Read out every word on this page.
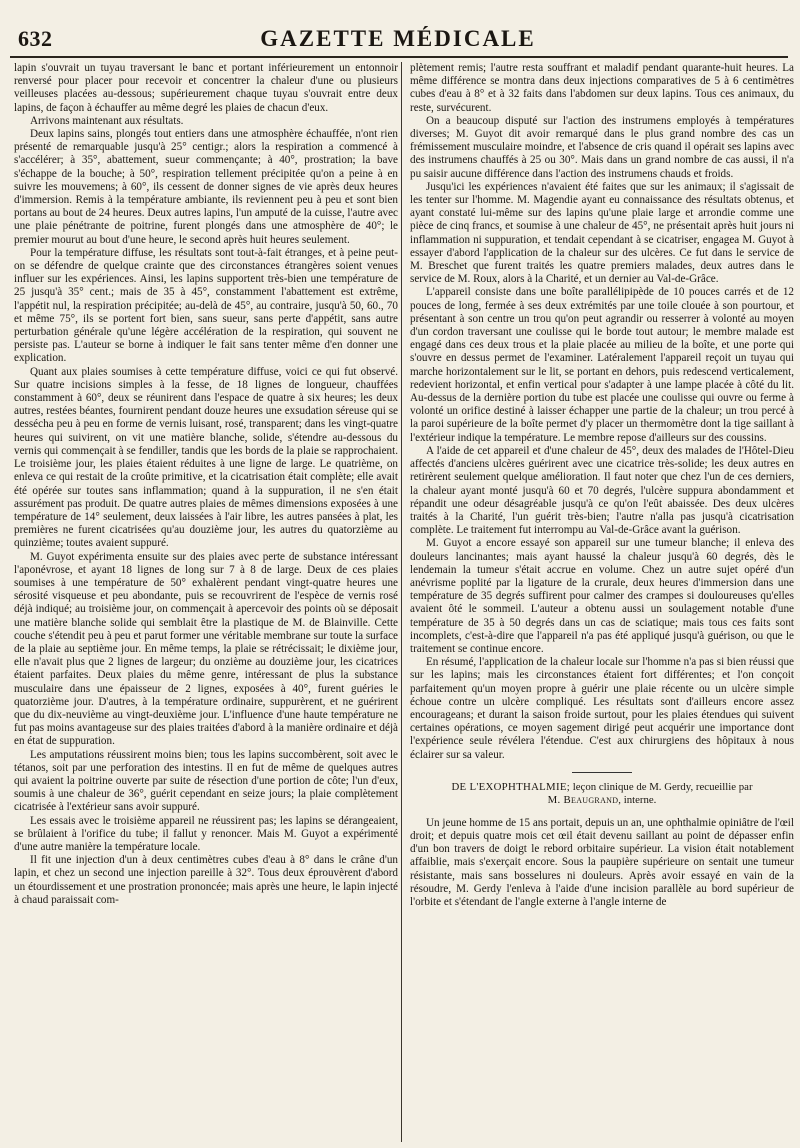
632	GAZETTE MÉDICALE

lapin s'ouvrait un tuyau traversant le banc et portant inférieurement un entonnoir renversé pour placer pour recevoir et concentrer la chaleur d'une ou plusieurs veilleuses placées au-dessous; supérieurement chaque tuyau s'ouvrait entre deux lapins, de façon à échauffer au même degré les plaies de chacun d'eux.

Arrivons maintenant aux résultats.

Deux lapins sains, plongés tout entiers dans une atmosphère échauffée, n'ont rien présenté de remarquable jusqu'à 25° centigr.; alors la respiration a commencé à s'accélérer; à 35°, abattement, sueur commençante; à 40°, prostration; la bave s'échappe de la bouche; à 50°, respiration tellement précipitée qu'on a peine à en suivre les mouvemens; à 60°, ils cessent de donner signes de vie après deux heures d'immersion. Remis à la température ambiante, ils reviennent peu à peu et sont bien portans au bout de 24 heures. Deux autres lapins, l'un amputé de la cuisse, l'autre avec une plaie pénétrante de poitrine, furent plongés dans une atmosphère de 40°; le premier mourut au bout d'une heure, le second après huit heures seulement.

Pour la température diffuse, les résultats sont tout-à-fait étranges, et à peine peut-on se défendre de quelque crainte que des circonstances étrangères soient venues influer sur les expériences. Ainsi, les lapins supportent très-bien une température de 25 jusqu'à 35° cent.; mais de 35 à 45°, constamment l'abattement est extrême, l'appétit nul, la respiration précipitée; au-delà de 45°, au contraire, jusqu'à 50, 60., 70 et même 75°, ils se portent fort bien, sans sueur, sans perte d'appétit, sans autre perturbation générale qu'une légère accélération de la respiration, qui souvent ne persiste pas. L'auteur se borne à indiquer le fait sans tenter même d'en donner une explication.

Quant aux plaies soumises à cette température diffuse, voici ce qui fut observé. Sur quatre incisions simples à la fesse, de 18 lignes de longueur, chauffées constamment à 60°, deux se réunirent dans l'espace de quatre à six heures; les deux autres, restées béantes, fournirent pendant douze heures une exsudation séreuse qui se dessécha peu à peu en forme de vernis luisant, rosé, transparent; dans les vingt-quatre heures qui suivirent, on vit une matière blanche, solide, s'étendre au-dessous du vernis qui commençait à se fendiller, tandis que les bords de la plaie se rapprochaient. Le troisième jour, les plaies étaient réduites à une ligne de large. Le quatrième, on enleva ce qui restait de la croûte primitive, et la cicatrisation était complète; elle avait été opérée sur toutes sans inflammation; quand à la suppuration, il ne s'en était assurément pas produit. De quatre autres plaies de mêmes dimensions exposées à une température de 14° seulement, deux laissées à l'air libre, les autres pansées à plat, les premières ne furent cicatrisées qu'au douzième jour, les autres du quatorzième au quinzième; toutes avaient suppuré.

M. Guyot expérimenta ensuite sur des plaies avec perte de substance intéressant l'aponévrose, et ayant 18 lignes de long sur 7 à 8 de large. Deux de ces plaies soumises à une température de 50° exhalèrent pendant vingt-quatre heures une sérosité visqueuse et peu abondante, puis se recouvrirent de l'espèce de vernis rosé déjà indiqué; au troisième jour, on commençait à apercevoir des points où se déposait une matière blanche solide qui semblait être la plastique de M. de Blainville. Cette couche s'étendit peu à peu et parut former une véritable membrane sur toute la surface de la plaie au septième jour. En même temps, la plaie se rétrécissait; le dixième jour, elle n'avait plus que 2 lignes de largeur; du onzième au douzième jour, les cicatrices étaient parfaites. Deux plaies du même genre, intéressant de plus la substance musculaire dans une épaisseur de 2 lignes, exposées à 40°, furent guéries le quatorzième jour. D'autres, à la température ordinaire, suppurèrent, et ne guérirent que du dix-neuvième au vingt-deuxième jour. L'influence d'une haute température ne fut pas moins avantageuse sur des plaies traitées d'abord à la manière ordinaire et déjà en état de suppuration.

Les amputations réussirent moins bien; tous les lapins succombèrent, soit avec le tétanos, soit par une perforation des intestins. Il en fut de même de quelques autres qui avaient la poitrine ouverte par suite de résection d'une portion de côte; l'un d'eux, soumis à une chaleur de 36°, guérit cependant en seize jours; la plaie complètement cicatrisée à l'extérieur sans avoir suppuré.

Les essais avec le troisième appareil ne réussirent pas; les lapins se dérangeaient, se brûlaient à l'orifice du tube; il fallut y renoncer. Mais M. Guyot a expérimenté d'une autre manière la température locale.

Il fit une injection d'un à deux centimètres cubes d'eau à 8° dans le crâne d'un lapin, et chez un second une injection pareille à 32°. Tous deux éprouvèrent d'abord un étourdissement et une prostration prononcée; mais après une heure, le lapin injecté à chaud paraissait com-

plètement remis; l'autre resta souffrant et maladif pendant quarante-huit heures. La même différence se montra dans deux injections comparatives de 5 à 6 centimètres cubes d'eau à 8° et à 32 faits dans l'abdomen sur deux lapins. Tous ces animaux, du reste, survécurent.

On a beaucoup disputé sur l'action des instrumens employés à températures diverses; M. Guyot dit avoir remarqué dans le plus grand nombre des cas un frémissement musculaire moindre, et l'absence de cris quand il opérait ses lapins avec des instrumens chauffés à 25 ou 30°. Mais dans un grand nombre de cas aussi, il n'a pu saisir aucune différence dans l'action des instrumens chauds et froids.

Jusqu'ici les expériences n'avaient été faites que sur les animaux; il s'agissait de les tenter sur l'homme. M. Magendie ayant eu connaissance des résultats obtenus, et ayant constaté lui-même sur des lapins qu'une plaie large et arrondie comme une pièce de cinq francs, et soumise à une chaleur de 45°, ne présentait après huit jours ni inflammation ni suppuration, et tendait cependant à se cicatriser, engagea M. Guyot à essayer d'abord l'application de la chaleur sur des ulcères. Ce fut dans le service de M. Breschet que furent traités les quatre premiers malades, deux autres dans le service de M. Roux, alors à la Charité, et un dernier au Val-de-Grâce.

L'appareil consiste dans une boîte parallélipipède de 10 pouces carrés et de 12 pouces de long, fermée à ses deux extrémités par une toile clouée à son pourtour, et présentant à son centre un trou qu'on peut agrandir ou resserrer à volonté au moyen d'un cordon traversant une coulisse qui le borde tout autour; le membre malade est engagé dans ces deux trous et la plaie placée au milieu de la boîte, et une porte qui s'ouvre en dessus permet de l'examiner. Latéralement l'appareil reçoit un tuyau qui marche horizontalement sur le lit, se portant en dehors, puis redescend verticalement, redevient horizontal, et enfin vertical pour s'adapter à une lampe placée à côté du lit. Au-dessus de la dernière portion du tube est placée une coulisse qui ouvre ou ferme à volonté un orifice destiné à laisser échapper une partie de la chaleur; un trou percé à la paroi supérieure de la boîte permet d'y placer un thermomètre dont la tige saillant à l'extérieur indique la température. Le membre repose d'ailleurs sur des coussins.

A l'aide de cet appareil et d'une chaleur de 45°, deux des malades de l'Hôtel-Dieu affectés d'anciens ulcères guérirent avec une cicatrice très-solide; les deux autres en retirèrent seulement quelque amélioration. Il faut noter que chez l'un de ces derniers, la chaleur ayant monté jusqu'à 60 et 70 degrés, l'ulcère suppura abondamment et répandit une odeur désagréable jusqu'à ce qu'on l'eût abaissée. Des deux ulcères traités à la Charité, l'un guérit très-bien; l'autre n'alla pas jusqu'à cicatrisation complète. Le traitement fut interrompu au Val-de-Grâce avant la guérison.

M. Guyot a encore essayé son appareil sur une tumeur blanche; il enleva des douleurs lancinantes; mais ayant haussé la chaleur jusqu'à 60 degrés, dès le lendemain la tumeur s'était accrue en volume. Chez un autre sujet opéré d'un anévrisme poplité par la ligature de la crurale, deux heures d'immersion dans une température de 35 degrés suffirent pour calmer des crampes si douloureuses qu'elles avaient ôté le sommeil. L'auteur a obtenu aussi un soulagement notable d'une température de 35 à 50 degrés dans un cas de sciatique; mais tous ces faits sont incomplets, c'est-à-dire que l'appareil n'a pas été appliqué jusqu'à guérison, ou que le traitement se continue encore.

En résumé, l'application de la chaleur locale sur l'homme n'a pas si bien réussi que sur les lapins; mais les circonstances étaient fort différentes; et l'on conçoit parfaitement qu'un moyen propre à guérir une plaie récente ou un ulcère simple échoue contre un ulcère compliqué. Les résultats sont d'ailleurs encore assez encourageans; et durant la saison froide surtout, pour les plaies étendues qui suivent certaines opérations, ce moyen sagement dirigé peut acquérir une importance dont l'expérience seule révélera l'étendue. C'est aux chirurgiens des hôpitaux à nous éclairer sur sa valeur.

DE L'EXOPHTHALMIE; leçon clinique de M. Gerdy, recueillie par
M. Beaugrand, interne.

Un jeune homme de 15 ans portait, depuis un an, une ophthalmie opiniâtre de l'œil droit; et depuis quatre mois cet œil était devenu saillant au point de dépasser enfin d'un bon travers de doigt le rebord orbitaire supérieur. La vision était notablement affaiblie, mais s'exerçait encore. Sous la paupière supérieure on sentait une tumeur résistante, mais sans bosselures ni douleurs. Après avoir essayé en vain de la résoudre, M. Gerdy l'enleva à l'aide d'une incision parallèle au bord supérieur de l'orbite et s'étendant de l'angle externe à l'angle interne de
